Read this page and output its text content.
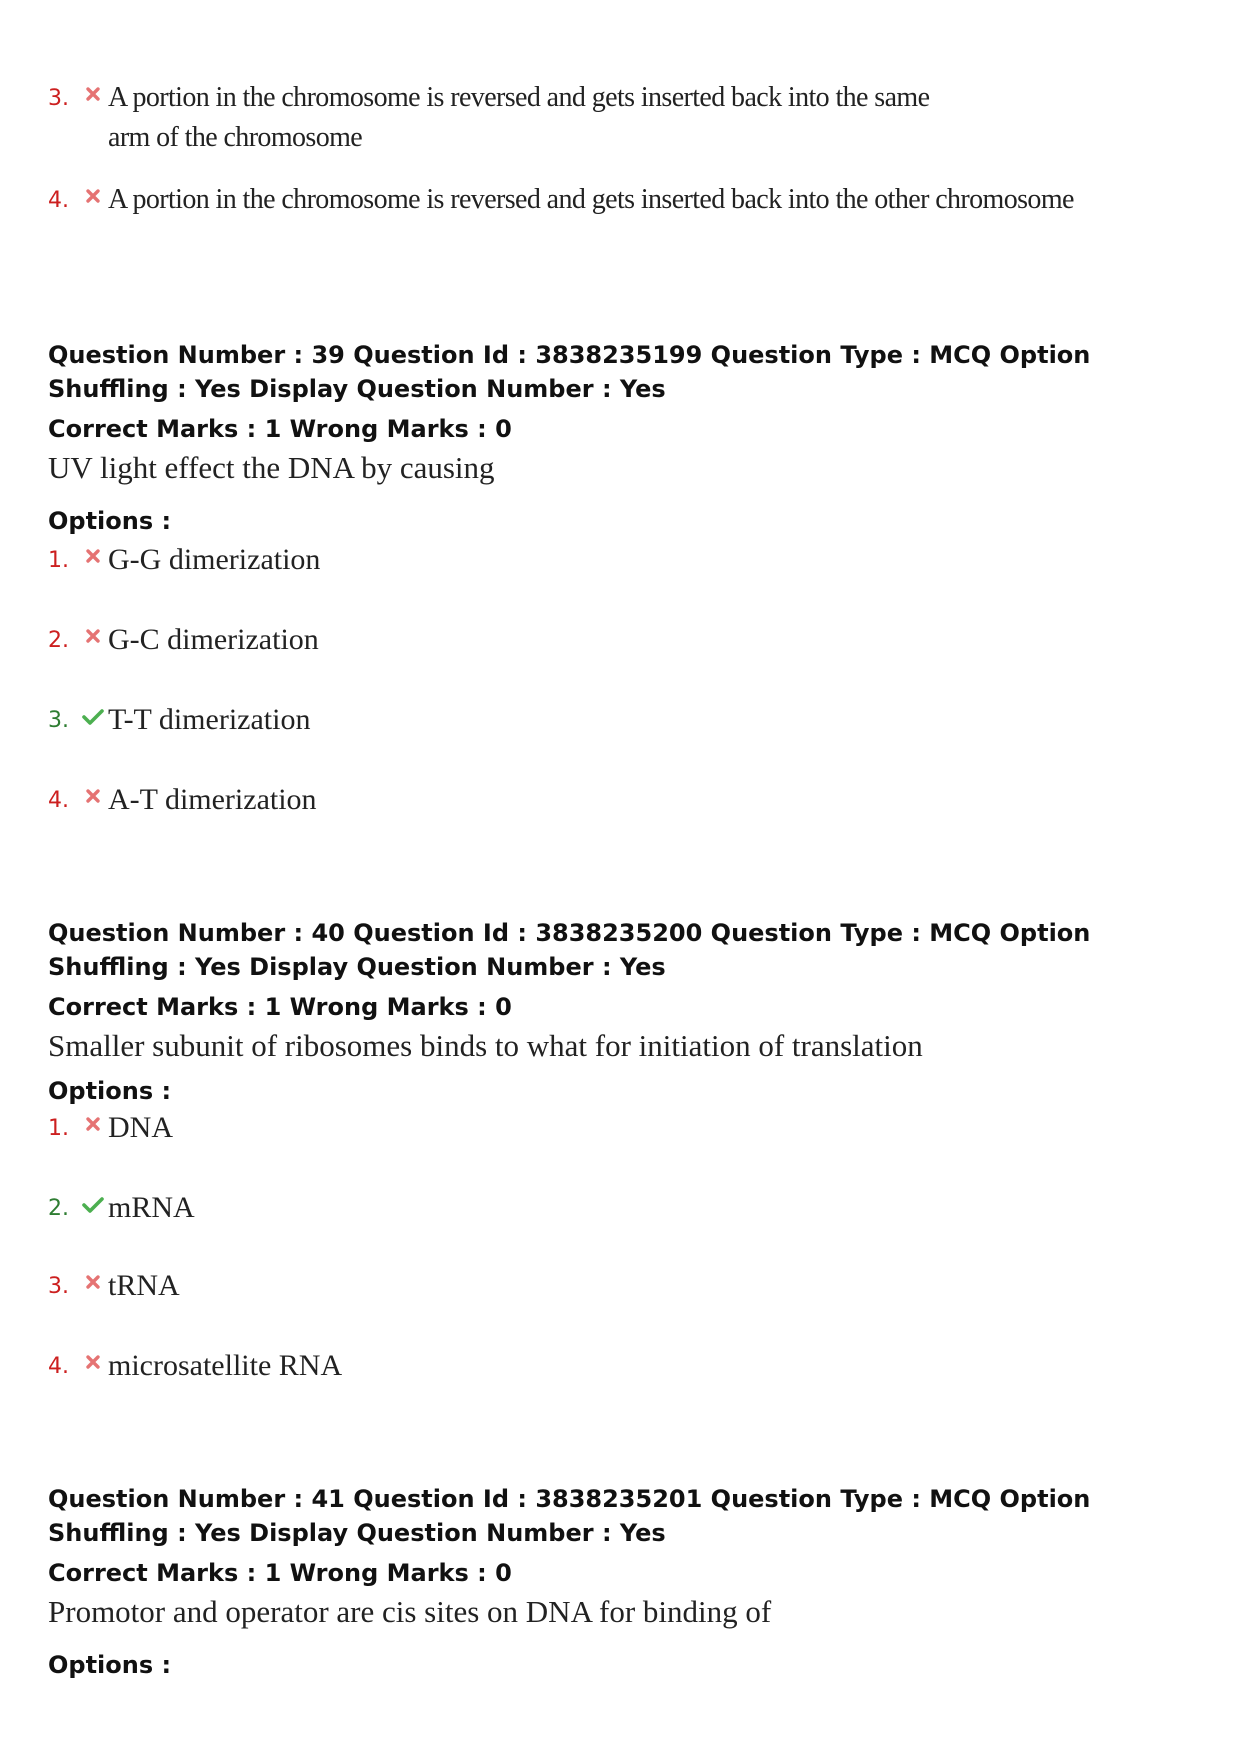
3.	A portion in the chromosome is reversed and gets inserted back into the same arm of the chromosome
4.	A portion in the chromosome is reversed and gets inserted back into the other chromosome
Question Number : 39 Question Id : 3838235199 Question Type : MCQ Option Shuffling : Yes Display Question Number : Yes
Correct Marks : 1 Wrong Marks : 0
UV light effect the DNA by causing
Options :
1.	G-G dimerization
2.	G-C dimerization
3.	T-T dimerization
4.	A-T dimerization
Question Number : 40 Question Id : 3838235200 Question Type : MCQ Option Shuffling : Yes Display Question Number : Yes
Correct Marks : 1 Wrong Marks : 0
Smaller subunit of ribosomes binds to what for initiation of translation
Options :
1.	DNA
2.	mRNA
3.	tRNA
4.	microsatellite RNA
Question Number : 41 Question Id : 3838235201 Question Type : MCQ Option Shuffling : Yes Display Question Number : Yes
Correct Marks : 1 Wrong Marks : 0
Promotor and operator are cis sites on DNA for binding of
Options :
